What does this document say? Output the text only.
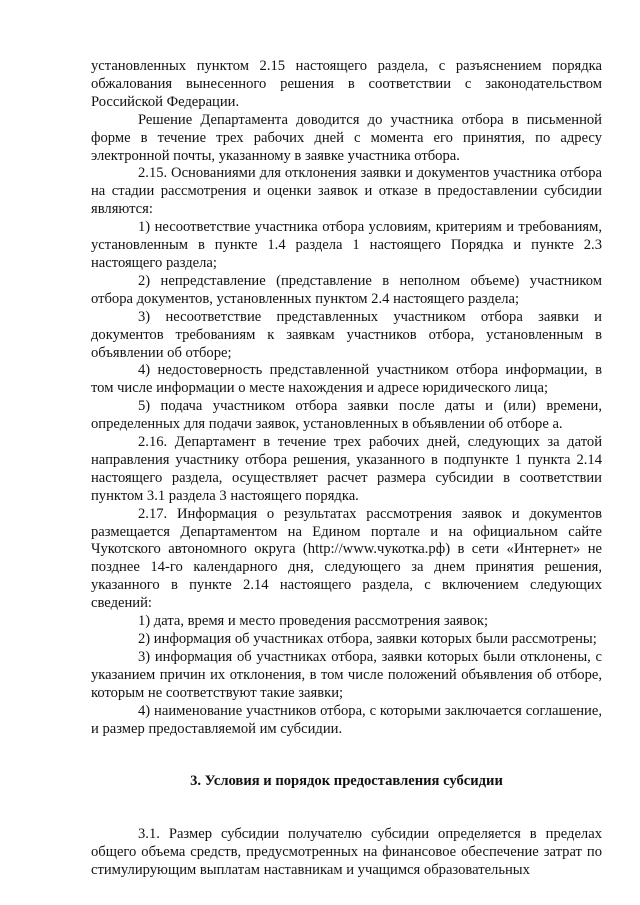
установленных пунктом 2.15 настоящего раздела, с разъяснением порядка обжалования вынесенного решения в соответствии с законодательством Российской Федерации.

Решение Департамента доводится до участника отбора в письменной форме в течение трех рабочих дней с момента его принятия, по адресу электронной почты, указанному в заявке участника отбора.

2.15. Основаниями для отклонения заявки и документов участника отбора на стадии рассмотрения и оценки заявок и отказе в предоставлении субсидии являются:

1) несоответствие участника отбора условиям, критериям и требованиям, установленным в пункте 1.4 раздела 1 настоящего Порядка и пункте 2.3 настоящего раздела;

2) непредставление (представление в неполном объеме) участником отбора документов, установленных пунктом 2.4 настоящего раздела;

3) несоответствие представленных участником отбора заявки и документов требованиям к заявкам участников отбора, установленным в объявлении об отборе;

4) недостоверность представленной участником отбора информации, в том числе информации о месте нахождения и адресе юридического лица;

5) подача участником отбора заявки после даты и (или) времени, определенных для подачи заявок, установленных в объявлении об отборе а.

2.16. Департамент в течение трех рабочих дней, следующих за датой направления участнику отбора решения, указанного в подпункте 1 пункта 2.14 настоящего раздела, осуществляет расчет размера субсидии в соответствии пунктом 3.1 раздела 3 настоящего порядка.

2.17. Информация о результатах рассмотрения заявок и документов размещается Департаментом на Едином портале и на официальном сайте Чукотского автономного округа (http://www.чукотка.рф) в сети «Интернет» не позднее 14-го календарного дня, следующего за днем принятия решения, указанного в пункте 2.14 настоящего раздела, с включением следующих сведений:

1) дата, время и место проведения рассмотрения заявок;

2) информация об участниках отбора, заявки которых были рассмотрены;

3) информация об участниках отбора, заявки которых были отклонены, с указанием причин их отклонения, в том числе положений объявления об отборе, которым не соответствуют такие заявки;

4) наименование участников отбора, с которыми заключается соглашение, и размер предоставляемой им субсидии.

3. Условия и порядок предоставления субсидии

3.1. Размер субсидии получателю субсидии определяется в пределах общего объема средств, предусмотренных на финансовое обеспечение затрат по стимулирующим выплатам наставникам и учащимся образовательных
